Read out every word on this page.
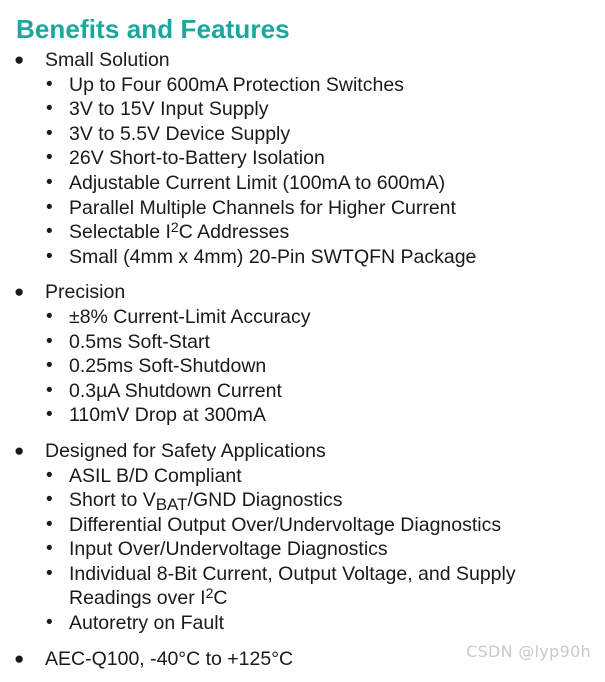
Benefits and Features
● Small Solution
• Up to Four 600mA Protection Switches
• 3V to 15V Input Supply
• 3V to 5.5V Device Supply
• 26V Short-to-Battery Isolation
• Adjustable Current Limit (100mA to 600mA)
• Parallel Multiple Channels for Higher Current
• Selectable $I^2C$ Addresses
• Small (4mm x 4mm) 20-Pin SWTQFN Package
● Precision
• ±8% Current-Limit Accuracy
• 0.5ms Soft-Start
• 0.25ms Soft-Shutdown
• 0.3µA Shutdown Current
• 110mV Drop at 300mA
● Designed for Safety Applications
• ASIL B/D Compliant
• Short to $V_{BAT}$/GND Diagnostics
• Differential Output Over/Undervoltage Diagnostics
• Input Over/Undervoltage Diagnostics
• Individual 8-Bit Current, Output Voltage, and Supply
Readings over $I^2C$
• Autoretry on Fault
● AEC-Q100, -40°C to +125°C	CSDN @lyp90h
